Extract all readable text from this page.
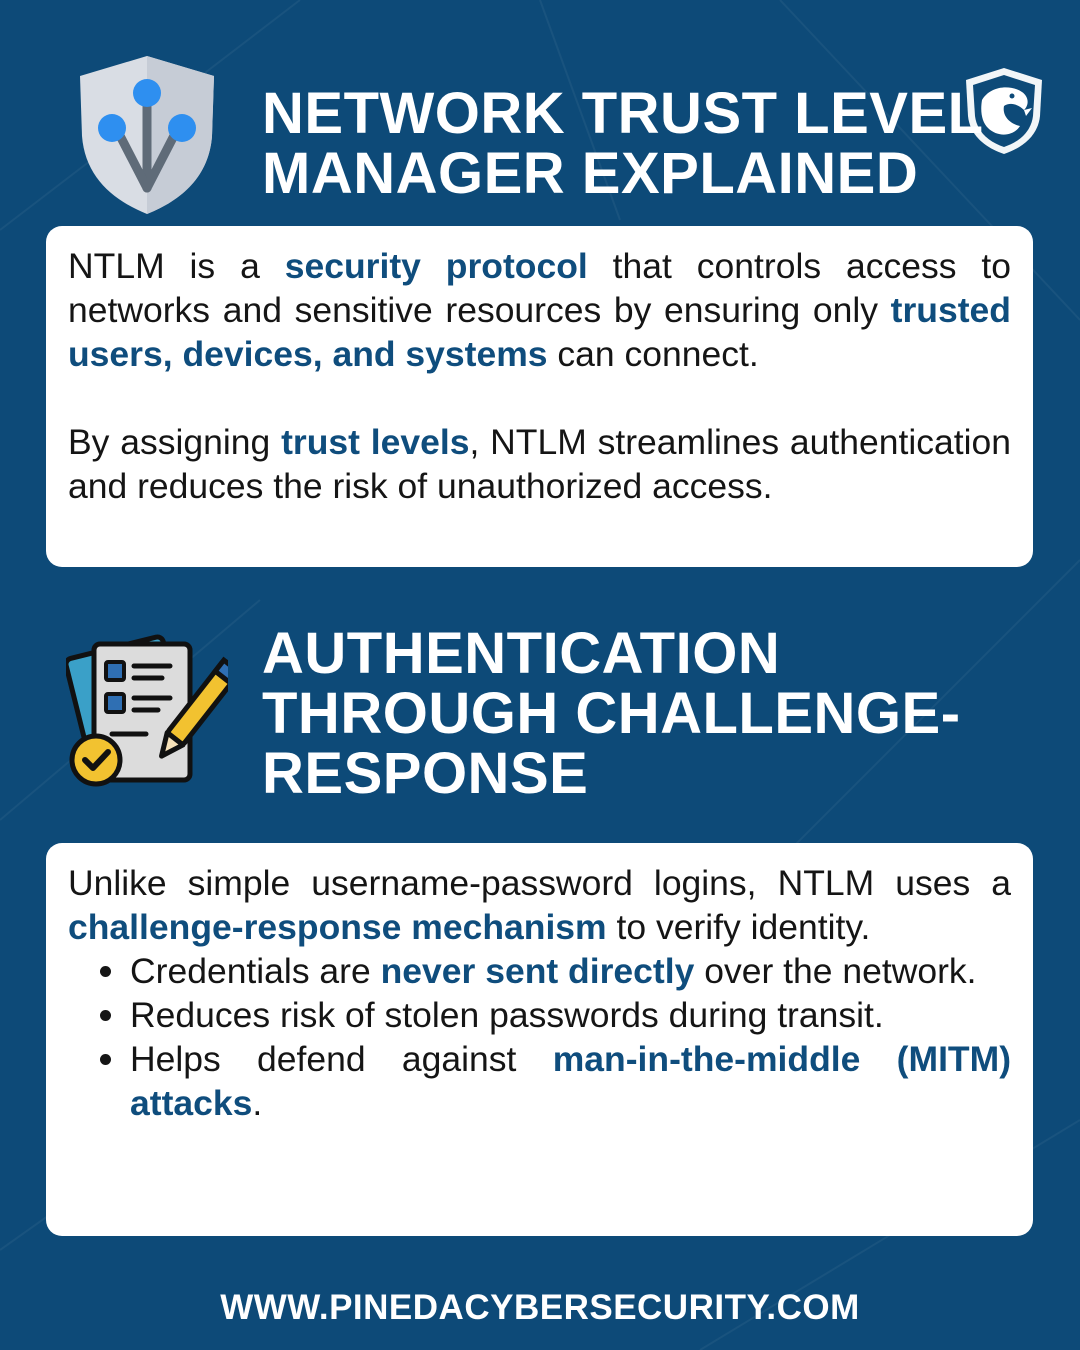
NETWORK TRUST LEVEL
MANAGER EXPLAINED

NTLM is a security protocol that controls access to networks and sensitive resources by ensuring only trusted users, devices, and systems can connect.

By assigning trust levels, NTLM streamlines authentication and reduces the risk of unauthorized access.

AUTHENTICATION
THROUGH CHALLENGE-
RESPONSE

Unlike simple username-password logins, NTLM uses a challenge-response mechanism to verify identity.

Credentials are never sent directly over the network.
Reduces risk of stolen passwords during transit.
Helps defend against man-in-the-middle (MITM) attacks.
WWW.PINEDACYBERSECURITY.COM
